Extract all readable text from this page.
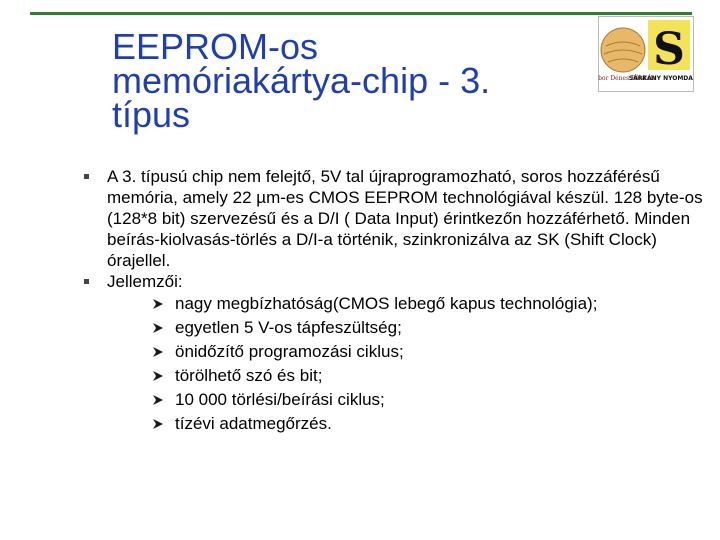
EEPROM-os
memóriakártya-chip - 3.
típus
S
bor Dénes Főiskola
SÁRKÁNY NYOMDA
A 3. típusú chip nem felejtő, 5V tal újraprogramozható, soros hozzáférésű memória, amely 22 µm-es CMOS EEPROM technológiával készül. 128 byte-os (128*8 bit) szervezésű és a D/I ( Data Input) érintkezőn hozzáférhető. Minden beírás-kiolvasás-törlés a D/I-a történik, szinkronizálva az SK (Shift Clock) órajellel.
Jellemzői:
nagy megbízhatóság(CMOS lebegő kapus technológia);
egyetlen 5 V-os tápfeszültség;
önidőzítő programozási ciklus;
törölhető szó és bit;
10 000 törlési/beírási ciklus;
tízévi adatmegőrzés.
